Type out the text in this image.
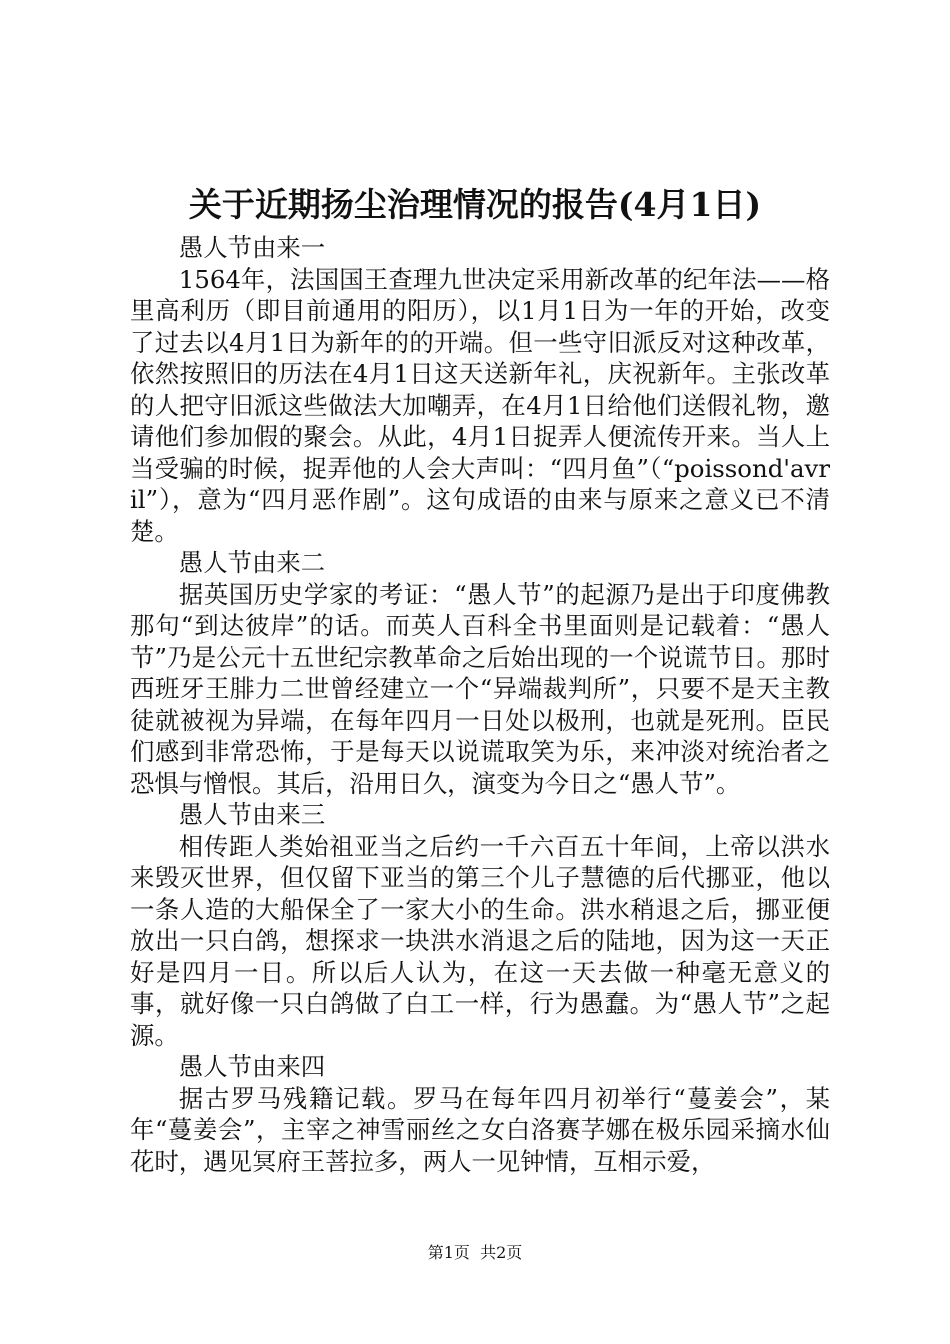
关于近期扬尘治理情况的报告(4月1日)

愚人节由来一

1564年，法国国王查理九世决定采用新改革的纪年法——格里高利历（即目前通用的阳历），以1月1日为一年的开始，改变了过去以4月1日为新年的的开端。但一些守旧派反对这种改革，依然按照旧的历法在4月1日这天送新年礼，庆祝新年。主张改革的人把守旧派这些做法大加嘲弄，在4月1日给他们送假礼物，邀请他们参加假的聚会。从此，4月1日捉弄人便流传开来。当人上当受骗的时候，捉弄他的人会大声叫：“四月鱼”（“poissond'avril”），意为“四月恶作剧”。这句成语的由来与原来之意义已不清楚。

愚人节由来二

据英国历史学家的考证：“愚人节”的起源乃是出于印度佛教那句“到达彼岸”的话。而英人百科全书里面则是记载着：“愚人节”乃是公元十五世纪宗教革命之后始出现的一个说谎节日。那时西班牙王腓力二世曾经建立一个“异端裁判所”，只要不是天主教徒就被视为异端，在每年四月一日处以极刑，也就是死刑。臣民们感到非常恐怖，于是每天以说谎取笑为乐，来冲淡对统治者之恐惧与憎恨。其后，沿用日久，演变为今日之“愚人节”。

愚人节由来三

相传距人类始祖亚当之后约一千六百五十年间，上帝以洪水来毁灭世界，但仅留下亚当的第三个儿子慧德的后代挪亚，他以一条人造的大船保全了一家大小的生命。洪水稍退之后，挪亚便放出一只白鸽，想探求一块洪水消退之后的陆地，因为这一天正好是四月一日。所以后人认为，在这一天去做一种毫无意义的事，就好像一只白鸽做了白工一样，行为愚蠢。为“愚人节”之起源。

愚人节由来四

据古罗马残籍记载。罗马在每年四月初举行“蔓姜会”，某年“蔓姜会”，主宰之神雪丽丝之女白洛赛芓娜在极乐园采摘水仙花时，遇见冥府王菩拉多，两人一见钟情，互相示爱，

第1页 共2页
